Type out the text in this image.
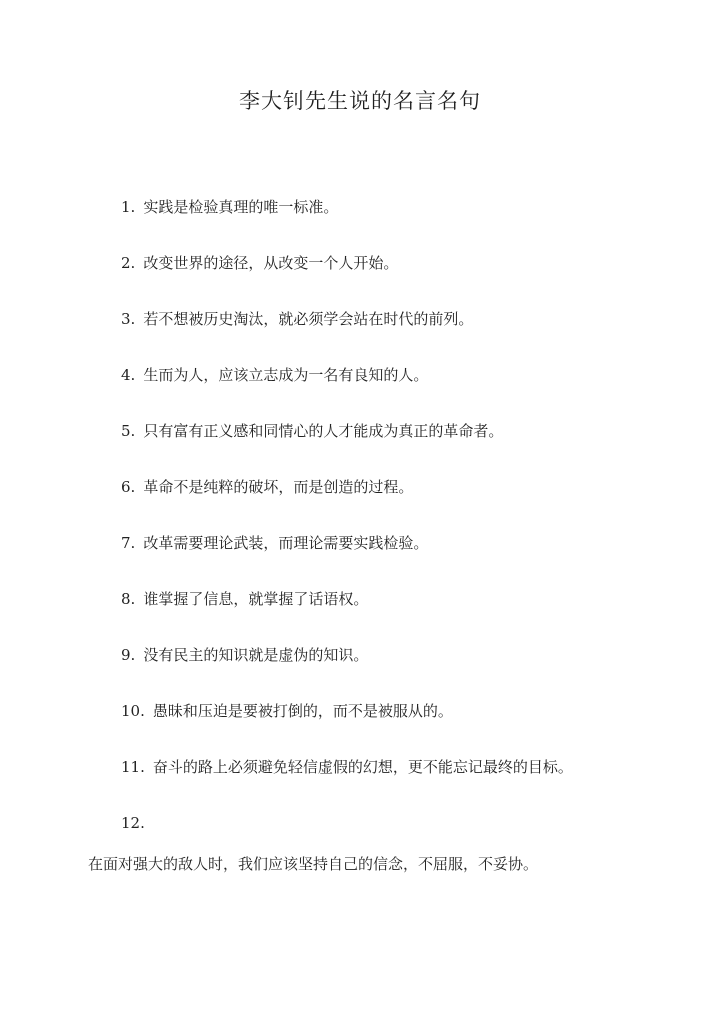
李大钊先生说的名言名句
1. 实践是检验真理的唯一标准。
2. 改变世界的途径，从改变一个人开始。
3. 若不想被历史淘汰，就必须学会站在时代的前列。
4. 生而为人，应该立志成为一名有良知的人。
5. 只有富有正义感和同情心的人才能成为真正的革命者。
6. 革命不是纯粹的破坏，而是创造的过程。
7. 改革需要理论武装，而理论需要实践检验。
8. 谁掌握了信息，就掌握了话语权。
9. 没有民主的知识就是虚伪的知识。
10. 愚昧和压迫是要被打倒的，而不是被服从的。
11. 奋斗的路上必须避免轻信虚假的幻想，更不能忘记最终的目标。
12.
在面对强大的敌人时，我们应该坚持自己的信念，不屈服，不妥协。
